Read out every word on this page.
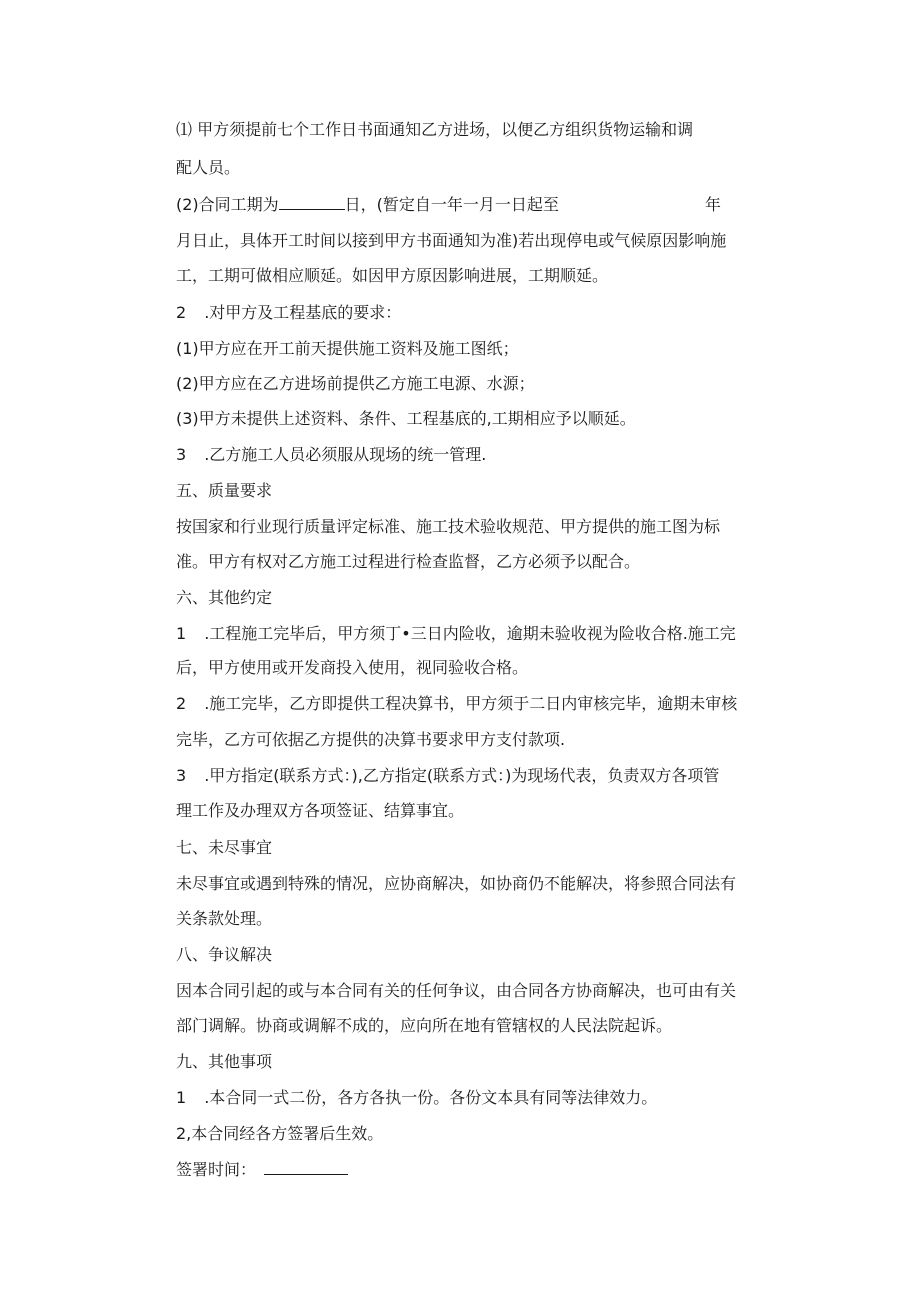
⑴ 甲方须提前七个工作日书面通知乙方进场，以便乙方组织货物运输和调
配人员。
(2)合同工期为	日，(暂定自一年一月一日起至	年
月日止，具体开工时间以接到甲方书面通知为准)若出现停电或气候原因影响施
工，工期可做相应顺延。如因甲方原因影响进展，工期顺延。
2 .对甲方及工程基底的要求：
(1)甲方应在开工前天提供施工资料及施工图纸；
(2)甲方应在乙方进场前提供乙方施工电源、水源；
(3)甲方未提供上述资料、条件、工程基底的,工期相应予以顺延。
3 .乙方施工人员必须服从现场的统一管理.
五、质量要求
按国家和行业现行质量评定标准、施工技术验收规范、甲方提供的施工图为标
准。甲方有权对乙方施工过程进行检查监督，乙方必须予以配合。
六、其他约定
1 .工程施工完毕后，甲方须丁•三日内险收，逾期未验收视为险收合格.施工完
后，甲方使用或开发商投入使用，视同验收合格。
2 .施工完毕，乙方即提供工程决算书，甲方须于二日内审核完毕，逾期未审核
完毕，乙方可依据乙方提供的决算书要求甲方支付款项.
3 .甲方指定(联系方式：),乙方指定(联系方式：)为现场代表，负责双方各项管
理工作及办理双方各项签证、结算事宜。
七、未尽事宜
未尽事宜或遇到特殊的情况，应协商解决，如协商仍不能解决，将参照合同法有
关条款处理。
八、争议解决
因本合同引起的或与本合同有关的任何争议，由合同各方协商解决，也可由有关
部门调解。协商或调解不成的，应向所在地有管辖权的人民法院起诉。
九、其他事项
1 .本合同一式二份，各方各执一份。各份文本具有同等法律效力。
2,本合同经各方签署后生效。
签署时间：
